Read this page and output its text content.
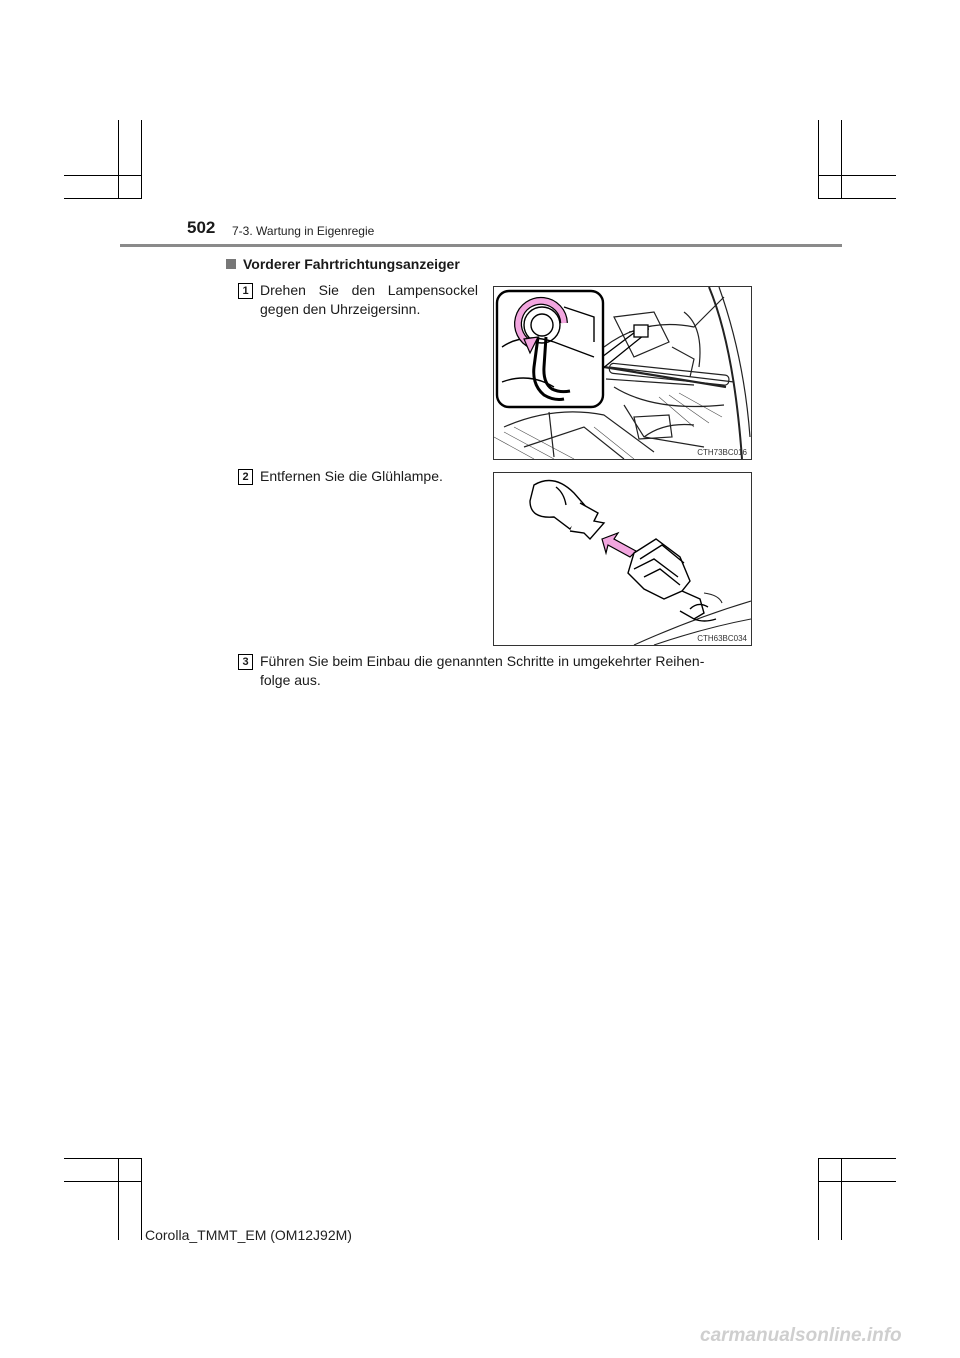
502 7-3. Wartung in Eigenregie
Vorderer Fahrtrichtungsanzeiger
1 Drehen Sie den Lampensockel
gegen den Uhrzeigersinn.
CTH73BC016
2 Entfernen Sie die Glühlampe.
CTH63BC034
3 Führen Sie beim Einbau die genannten Schritte in umgekehrter Reihen-
folge aus.
Corolla_TMMT_EM (OM12J92M)
carmanualsonline.info
